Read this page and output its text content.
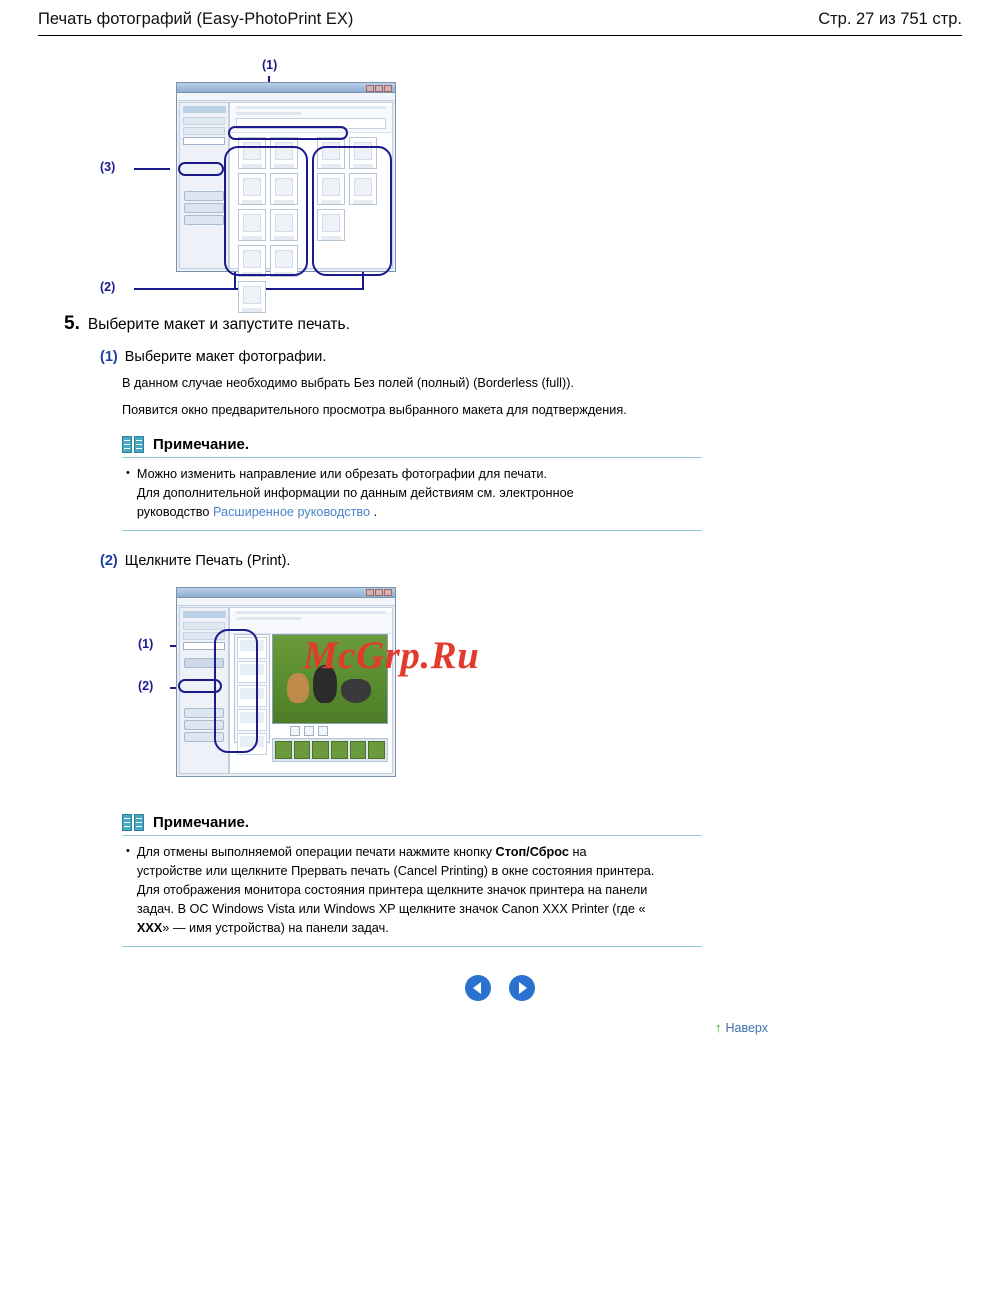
Печать фотографий (Easy-PhotoPrint EX)	Стр. 27 из 751 стр.
(1)
(3)
(2)
5. Выберите макет и запустите печать.
(1) Выберите макет фотографии.
В данном случае необходимо выбрать Без полей (полный) (Borderless (full)).
Появится окно предварительного просмотра выбранного макета для подтверждения.
Примечание.
• Можно изменить направление или обрезать фотографии для печати.
Для дополнительной информации по данным действиям см. электронное
руководство Расширенное руководство .
(2) Щелкните Печать (Print).
(1)
(2)
McGrp.Ru
Примечание.
• Для отмены выполняемой операции печати нажмите кнопку Стоп/Сброс на
устройстве или щелкните Прервать печать (Cancel Printing) в окне состояния принтера.
Для отображения монитора состояния принтера щелкните значок принтера на панели
задач. В ОС Windows Vista или Windows XP щелкните значок Canon XXX Printer (где «
XXX» — имя устройства) на панели задач.
↑ Наверх
